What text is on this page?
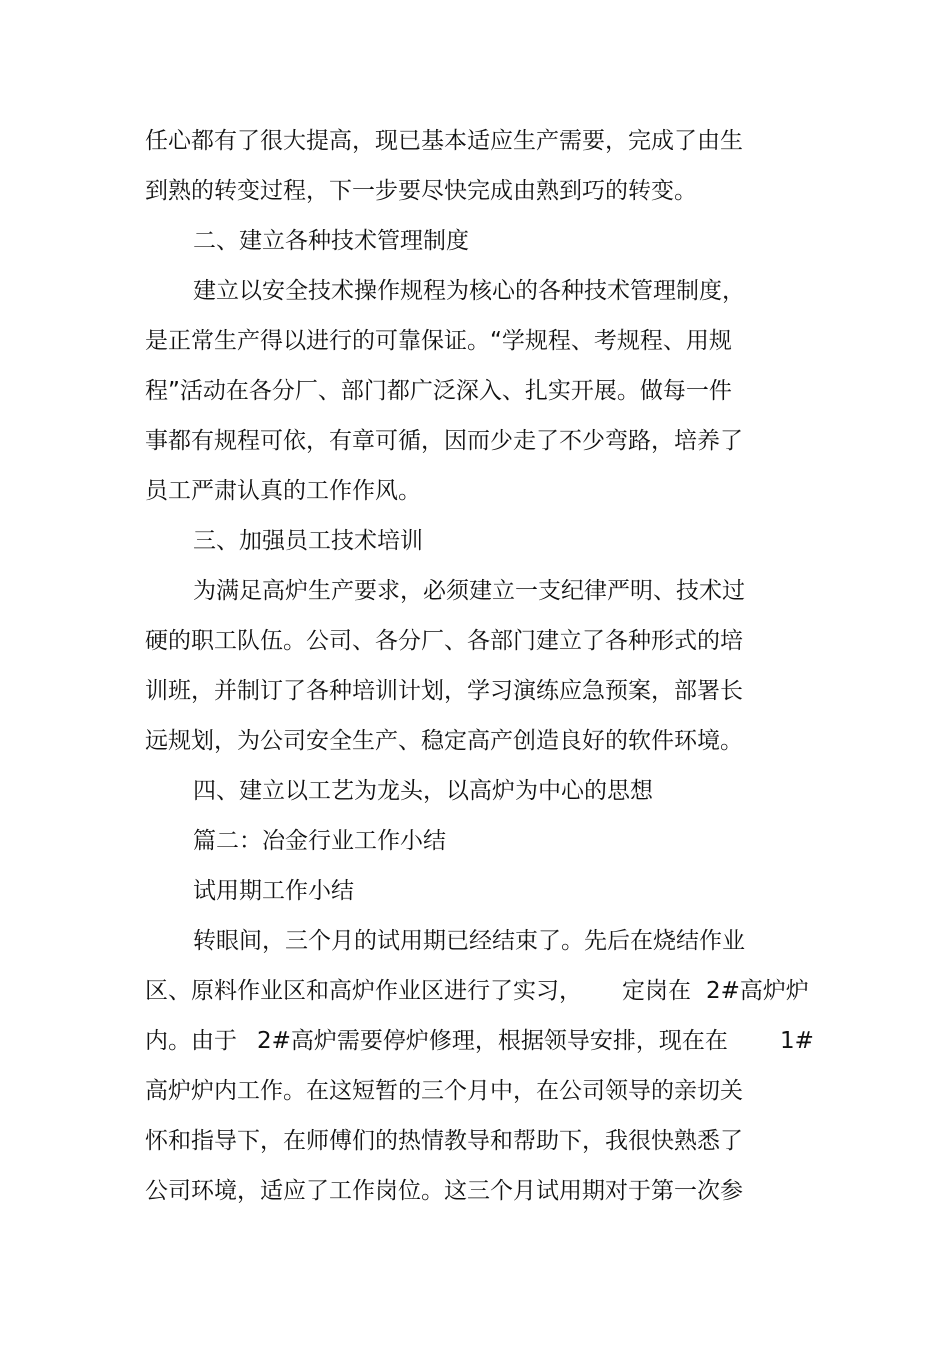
任心都有了很大提高，现已基本适应生产需要，完成了由生
到熟的转变过程，下一步要尽快完成由熟到巧的转变。
二、建立各种技术管理制度
建立以安全技术操作规程为核心的各种技术管理制度，
是正常生产得以进行的可靠保证。“学规程、考规程、用规
程”活动在各分厂、部门都广泛深入、扎实开展。做每一件
事都有规程可依，有章可循，因而少走了不少弯路，培养了
员工严肃认真的工作作风。
三、加强员工技术培训
为满足高炉生产要求，必须建立一支纪律严明、技术过
硬的职工队伍。公司、各分厂、各部门建立了各种形式的培
训班，并制订了各种培训计划，学习演练应急预案，部署长
远规划，为公司安全生产、稳定高产创造良好的软件环境。
四、建立以工艺为龙头，以高炉为中心的思想
篇二：冶金行业工作小结
试用期工作小结
转眼间，三个月的试用期已经结束了。先后在烧结作业
区、原料作业区和高炉作业区进行了实习， 定岗在 2#高炉炉
内。由于 2#高炉需要停炉修理，根据领导安排，现在在 1#
高炉炉内工作。在这短暂的三个月中，在公司领导的亲切关
怀和指导下，在师傅们的热情教导和帮助下，我很快熟悉了
公司环境，适应了工作岗位。这三个月试用期对于第一次参
